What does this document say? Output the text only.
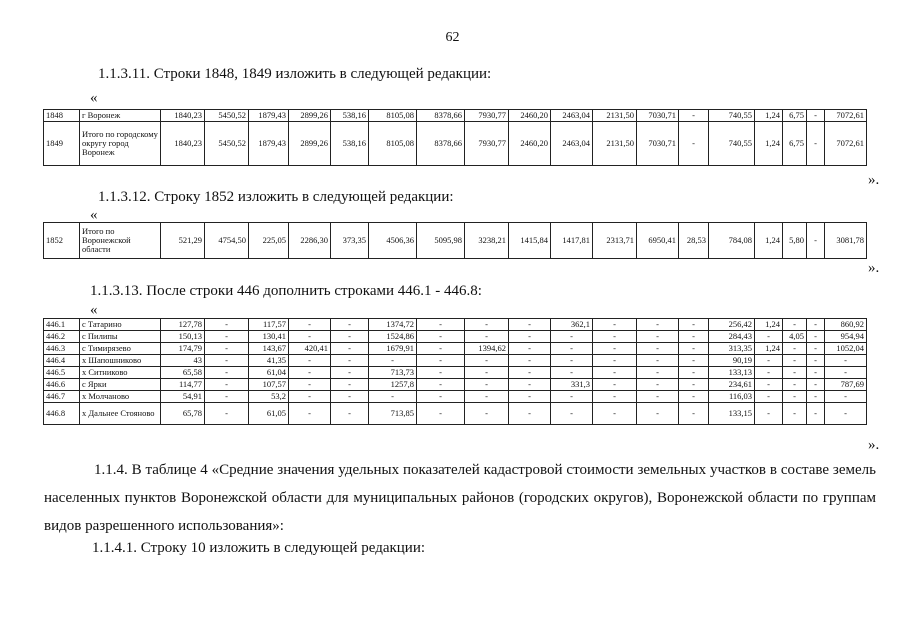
62
1.1.3.11. Строки 1848, 1849 изложить в следующей редакции:
«
1848	г Воронеж	1840,23	5450,52	1879,43	2899,26	538,16	8105,08	8378,66	7930,77	2460,20	2463,04	2131,50	7030,71	-	740,55	1,24	6,75	-	7072,61
1849	Итого по городскому округу город Воронеж	1840,23	5450,52	1879,43	2899,26	538,16	8105,08	8378,66	7930,77	2460,20	2463,04	2131,50	7030,71	-	740,55	1,24	6,75	-	7072,61
».
1.1.3.12. Строку 1852 изложить в следующей редакции:
«
1852	Итого по Воронежской области	521,29	4754,50	225,05	2286,30	373,35	4506,36	5095,98	3238,21	1415,84	1417,81	2313,71	6950,41	28,53	784,08	1,24	5,80	-	3081,78
».
1.1.3.13. После строки 446 дополнить строками 446.1 - 446.8:
«
446.1	с Татарино	127,78	-	117,57	-	-	1374,72	-	-	-	362,1	-	-	-	256,42	1,24	-	-	860,92
446.2	с Пилипы	150,13	-	130,41	-	-	1524,86	-	-	-	-	-	-	-	284,43	-	4,05	-	954,94
446.3	с Тимирязево	174,79	-	143,67	420,41	-	1679,91	-	1394,62	-	-	-	-	-	313,35	1,24	-	-	1052,04
446.4	х Шапошниково	43	-	41,35	-	-	-	-	-	-	-	-	-	-	90,19	-	-	-	-
446.5	х Ситниково	65,58	-	61,04	-	-	713,73	-	-	-	-	-	-	-	133,13	-	-	-	-
446.6	с Ярки	114,77	-	107,57	-	-	1257,8	-	-	-	331,3	-	-	-	234,61	-	-	-	787,69
446.7	х Молчаново	54,91	-	53,2	-	-	-	-	-	-	-	-	-	-	116,03	-	-	-	-
446.8	х Дальнее Стояново	65,78	-	61,05	-	-	713,85	-	-	-	-	-	-	-	133,15	-	-	-	-
».
1.1.4. В таблице 4 «Средние значения удельных показателей кадастровой стоимости земельных участков в составе земель населенных пунктов Воронежской области для муниципальных районов (городских округов), Воронежской области по группам видов разрешенного использования»:
1.1.4.1. Строку 10 изложить в следующей редакции:
